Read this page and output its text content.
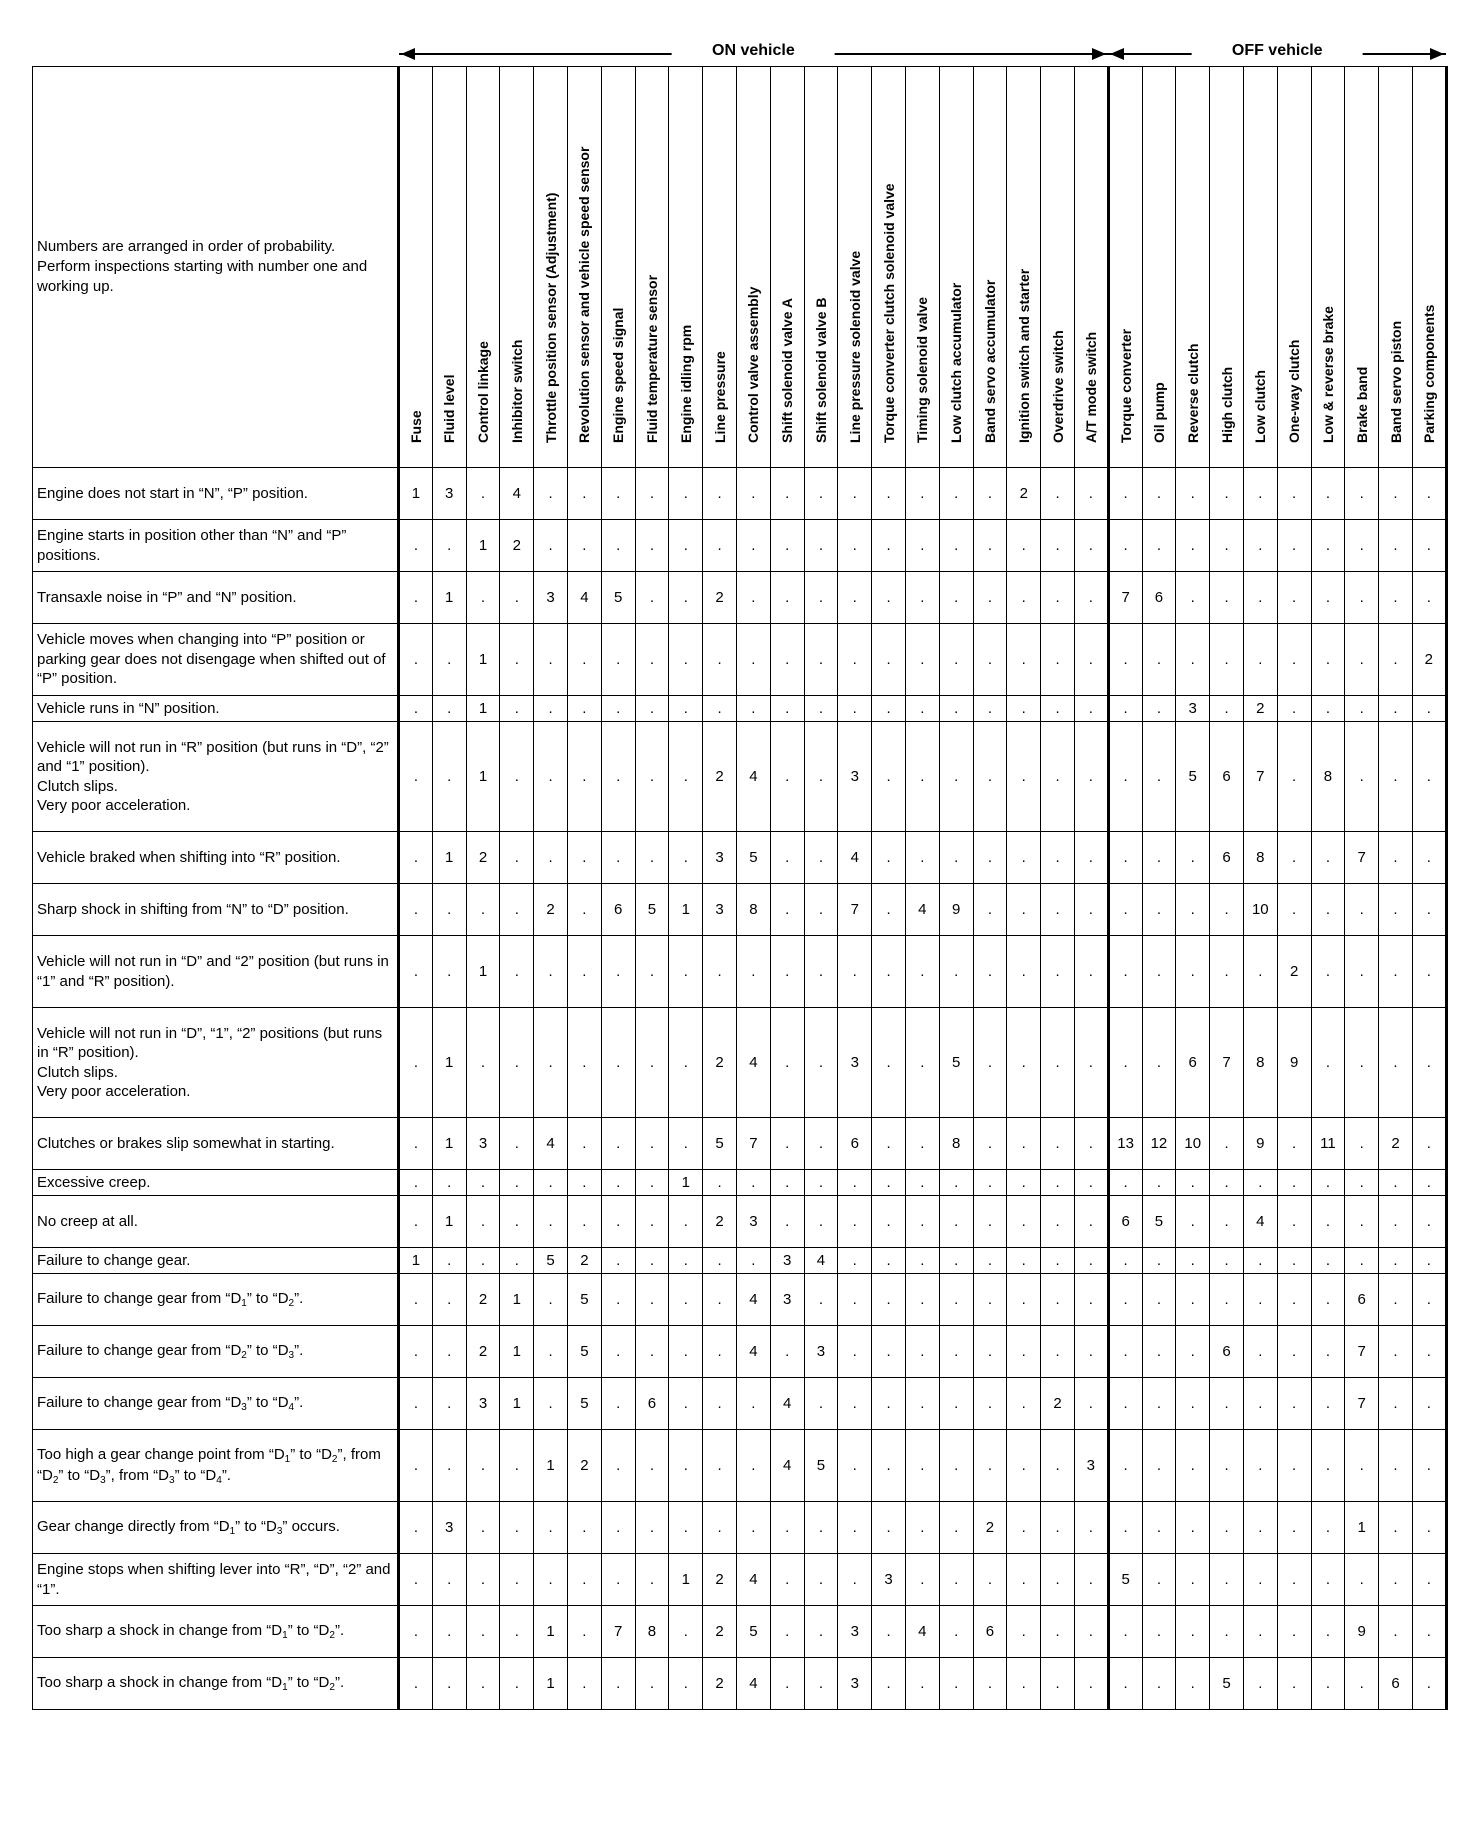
	ON vehicle																					OFF vehicle									

Numbers are arranged in order of probability.
Perform inspections starting with number one and working up.	Fuse	Fluid level	Control linkage	Inhibitor switch	Throttle position sensor (Adjustment)	Revolution sensor and vehicle speed sensor	Engine speed signal	Fluid temperature sensor	Engine idling rpm	Line pressure	Control valve assembly	Shift solenoid valve A	Shift solenoid valve B	Line pressure solenoid valve	Torque converter clutch solenoid valve	Timing solenoid valve	Low clutch accumulator	Band servo accumulator	Ignition switch and starter	Overdrive switch	A/T mode switch	Torque converter	Oil pump	Reverse clutch	High clutch	Low clutch	One-way clutch	Low & reverse brake	Brake band	Band servo piston	Parking components

Engine does not start in “N”, “P” position.	1	3	.	4	.	.	.	.	.	.	.	.	.	.	.	.	.	.	2	.	.	.	.	.	.	.	.	.	.	.	.
Engine starts in position other than “N” and “P” positions.	.	.	1	2	.	.	.	.	.	.	.	.	.	.	.	.	.	.	.	.	.	.	.	.	.	.	.	.	.	.	.
Transaxle noise in “P” and “N” position.	.	1	.	.	3	4	5	.	.	2	.	.	.	.	.	.	.	.	.	.	.	7	6	.	.	.	.	.	.	.	.
Vehicle moves when changing into “P” position or parking gear does not disengage when shifted out of “P” position.	.	.	1	.	.	.	.	.	.	.	.	.	.	.	.	.	.	.	.	.	.	.	.	.	.	.	.	.	.	.	2
Vehicle runs in “N” position.	.	.	1	.	.	.	.	.	.	.	.	.	.	.	.	.	.	.	.	.	.	.	.	3	.	2	.	.	.	.	.
Vehicle will not run in “R” position (but runs in “D”, “2” and “1” position).
Clutch slips.
Very poor acceleration.	.	.	1	.	.	.	.	.	.	2	4	.	.	3	.	.	.	.	.	.	.	.	.	5	6	7	.	8	.	.	.
Vehicle braked when shifting into “R” position.	.	1	2	.	.	.	.	.	.	3	5	.	.	4	.	.	.	.	.	.	.	.	.	.	6	8	.	.	7	.	.
Sharp shock in shifting from “N” to “D” position.	.	.	.	.	2	.	6	5	1	3	8	.	.	7	.	4	9	.	.	.	.	.	.	.	.	10	.	.	.	.	.
Vehicle will not run in “D” and “2” position (but runs in “1” and “R” position).	.	.	1	.	.	.	.	.	.	.	.	.	.	.	.	.	.	.	.	.	.	.	.	.	.	.	2	.	.	.	.
Vehicle will not run in “D”, “1”, “2” positions (but runs in “R” position).
Clutch slips.
Very poor acceleration.	.	1	.	.	.	.	.	.	.	2	4	.	.	3	.	.	5	.	.	.	.	.	.	6	7	8	9	.	.	.	.
Clutches or brakes slip somewhat in starting.	.	1	3	.	4	.	.	.	.	5	7	.	.	6	.	.	8	.	.	.	.	13	12	10	.	9	.	11	.	2	.
Excessive creep.	.	.	.	.	.	.	.	.	1	.	.	.	.	.	.	.	.	.	.	.	.	.	.	.	.	.	.	.	.	.	.
No creep at all.	.	1	.	.	.	.	.	.	.	2	3	.	.	.	.	.	.	.	.	.	.	6	5	.	.	4	.	.	.	.	.
Failure to change gear.	1	.	.	.	5	2	.	.	.	.	.	3	4	.	.	.	.	.	.	.	.	.	.	.	.	.	.	.	.	.	.
Failure to change gear from “$D_1$” to “$D_2$”.	.	.	2	1	.	5	.	.	.	.	4	3	.	.	.	.	.	.	.	.	.	.	.	.	.	.	.	.	6	.	.
Failure to change gear from “$D_2$” to “$D_3$”.	.	.	2	1	.	5	.	.	.	.	4	.	3	.	.	.	.	.	.	.	.	.	.	.	6	.	.	.	7	.	.
Failure to change gear from “$D_3$” to “$D_4$”.	.	.	3	1	.	5	.	6	.	.	.	4	.	.	.	.	.	.	.	2	.	.	.	.	.	.	.	.	7	.	.
Too high a gear change point from “$D_1$” to “$D_2$”, from “$D_2$” to “$D_3$”, from “$D_3$” to “$D_4$”.	.	.	.	.	1	2	.	.	.	.	.	4	5	.	.	.	.	.	.	.	3	.	.	.	.	.	.	.	.	.	.
Gear change directly from “$D_1$” to “$D_3$” occurs.	.	3	.	.	.	.	.	.	.	.	.	.	.	.	.	.	.	2	.	.	.	.	.	.	.	.	.	.	1	.	.
Engine stops when shifting lever into “R”, “D”, “2” and “1”.	.	.	.	.	.	.	.	.	1	2	4	.	.	.	3	.	.	.	.	.	.	5	.	.	.	.	.	.	.	.	.
Too sharp a shock in change from “$D_1$” to “$D_2$”.	.	.	.	.	1	.	7	8	.	2	5	.	.	3	.	4	.	6	.	.	.	.	.	.	.	.	.	.	9	.	.
Too sharp a shock in change from “$D_1$” to “$D_2$”.	.	.	.	.	1	.	.	.	.	2	4	.	.	3	.	.	.	.	.	.	.	.	.	.	5	.	.	.	.	6	.
